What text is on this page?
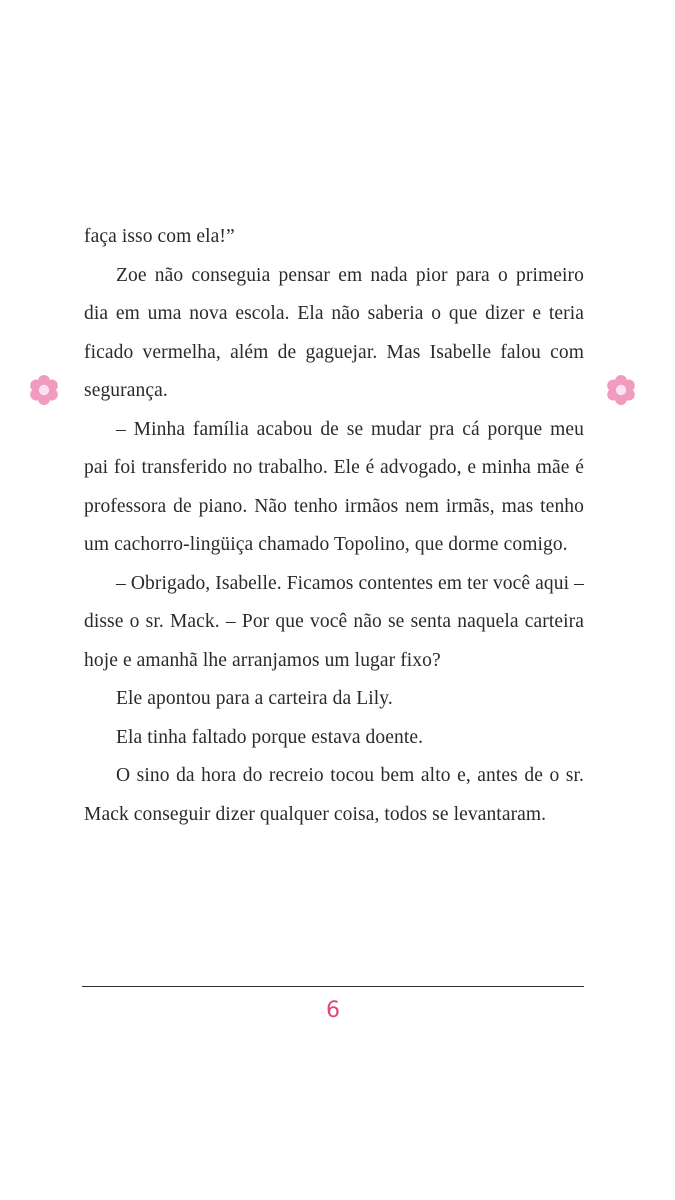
faça isso com ela!”

Zoe não conseguia pensar em nada pior para o primeiro dia em uma nova escola. Ela não saberia o que dizer e teria ficado vermelha, além de gaguejar. Mas Isabelle falou com segurança.

– Minha família acabou de se mudar pra cá porque meu pai foi transferido no trabalho. Ele é advogado, e minha mãe é professora de piano. Não tenho irmãos nem irmãs, mas tenho um cachorro-lingüiça chamado Topolino, que dorme comigo.

– Obrigado, Isabelle. Ficamos contentes em ter você aqui – disse o sr. Mack. – Por que você não se senta naquela carteira hoje e amanhã lhe arranjamos um lugar fixo?

Ele apontou para a carteira da Lily.

Ela tinha faltado porque estava doente.

O sino da hora do recreio tocou bem alto e, antes de o sr. Mack conseguir dizer qualquer coisa, todos se levantaram.

6
